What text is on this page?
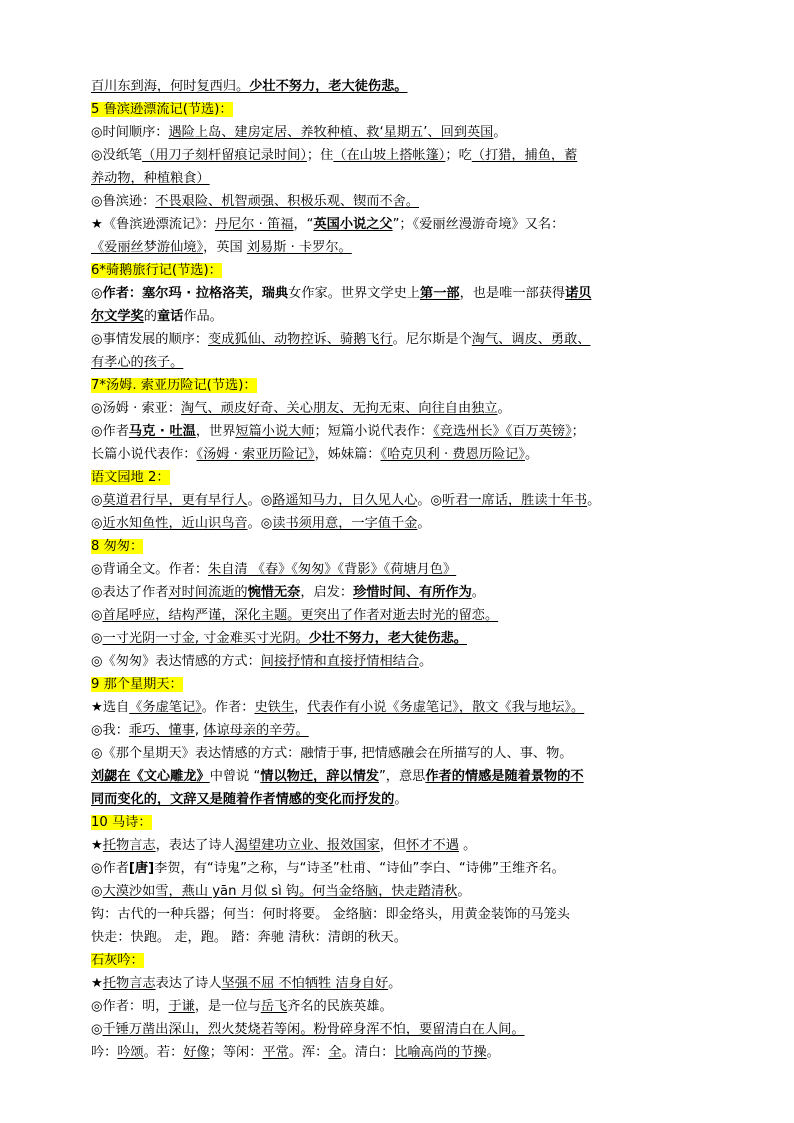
百川东到海，何时复西归。少壮不努力，老大徒伤悲。
5 鲁滨逊漂流记(节选)：
◎时间顺序：遇险上岛、建房定居、养牧种植、救‘星期五’、回到英国。
◎没纸笔（用刀子刻杆留痕记录时间）；住（在山坡上搭帐篷）；吃（打猎，捕鱼，蓄
养动物，种植粮食）
◎鲁滨逊：不畏艰险、机智顽强、积极乐观、锲而不舍。
★《鲁滨逊漂流记》：丹尼尔 · 笛福，“英国小说之父”；《爱丽丝漫游奇境》又名：
《爱丽丝梦游仙境》，英国 刘易斯 · 卡罗尔。
6*骑鹅旅行记(节选)：
◎作者：塞尔玛 · 拉格洛芙，瑞典女作家。世界文学史上第一部，也是唯一部获得诺贝
尔文学奖的童话作品。
◎事情发展的顺序：变成狐仙、动物控诉、骑鹅飞行。尼尔斯是个淘气、调皮、勇敢、
有孝心的孩子。
7*汤姆. 索亚历险记(节选)：
◎汤姆 · 索亚：淘气、顽皮好奇、关心朋友、无拘无束、向往自由独立。
◎作者马克 · 吐温，世界短篇小说大师；短篇小说代表作：《竞选州长》《百万英镑》；
长篇小说代表作：《汤姆 · 索亚历险记》，姊妹篇：《哈克贝利 · 费恩历险记》。
语文园地 2：
◎莫道君行早，更有早行人。◎路遥知马力，日久见人心。◎听君一席话，胜读十年书。
◎近水知鱼性，近山识鸟音。◎读书须用意，一字值千金。
8 匆匆：
◎背诵全文。作者：朱自清 《春》《匆匆》《背影》《荷塘月色》
◎表达了作者对时间流逝的惋惜无奈，启发：珍惜时间、有所作为。
◎首尾呼应，结构严谨，深化主题。更突出了作者对逝去时光的留恋。
◎一寸光阴一寸金, 寸金难买寸光阴。少壮不努力，老大徒伤悲。
◎《匆匆》表达情感的方式：间接抒情和直接抒情相结合。
9 那个星期天：
★选自《务虚笔记》。作者：史铁生，代表作有小说《务虚笔记》，散文《我与地坛》。
◎我：乖巧、懂事, 体谅母亲的辛劳。
◎《那个星期天》表达情感的方式：融情于事, 把情感融会在所描写的人、事、物。
刘勰在《文心雕龙》中曾说 “情以物迁，辞以情发”，意思作者的情感是随着景物的不
同而变化的，文辞又是随着作者情感的变化而抒发的。
10 马诗：
★托物言志，表达了诗人渴望建功立业、报效国家，但怀才不遇 。
◎作者[唐]李贺，有“诗鬼”之称，与“诗圣”杜甫、“诗仙”李白、“诗佛”王维齐名。
◎大漠沙如雪，燕山 yān 月似 sì 钩。何当金络脑，快走踏清秋。
钩：古代的一种兵器；何当：何时将要。 金络脑：即金络头，用黄金装饰的马笼头
快走：快跑。 走，跑。 踏：奔驰 清秋：清朗的秋天。
石灰吟：
★托物言志表达了诗人坚强不屈 不怕牺牲 洁身自好。
◎作者：明，于谦，是一位与岳飞齐名的民族英雄。
◎千锤万凿出深山，烈火焚烧若等闲。粉骨碎身浑不怕，要留清白在人间。
吟：吟颂。若：好像；等闲：平常。浑：全。清白：比喻高尚的节操。
